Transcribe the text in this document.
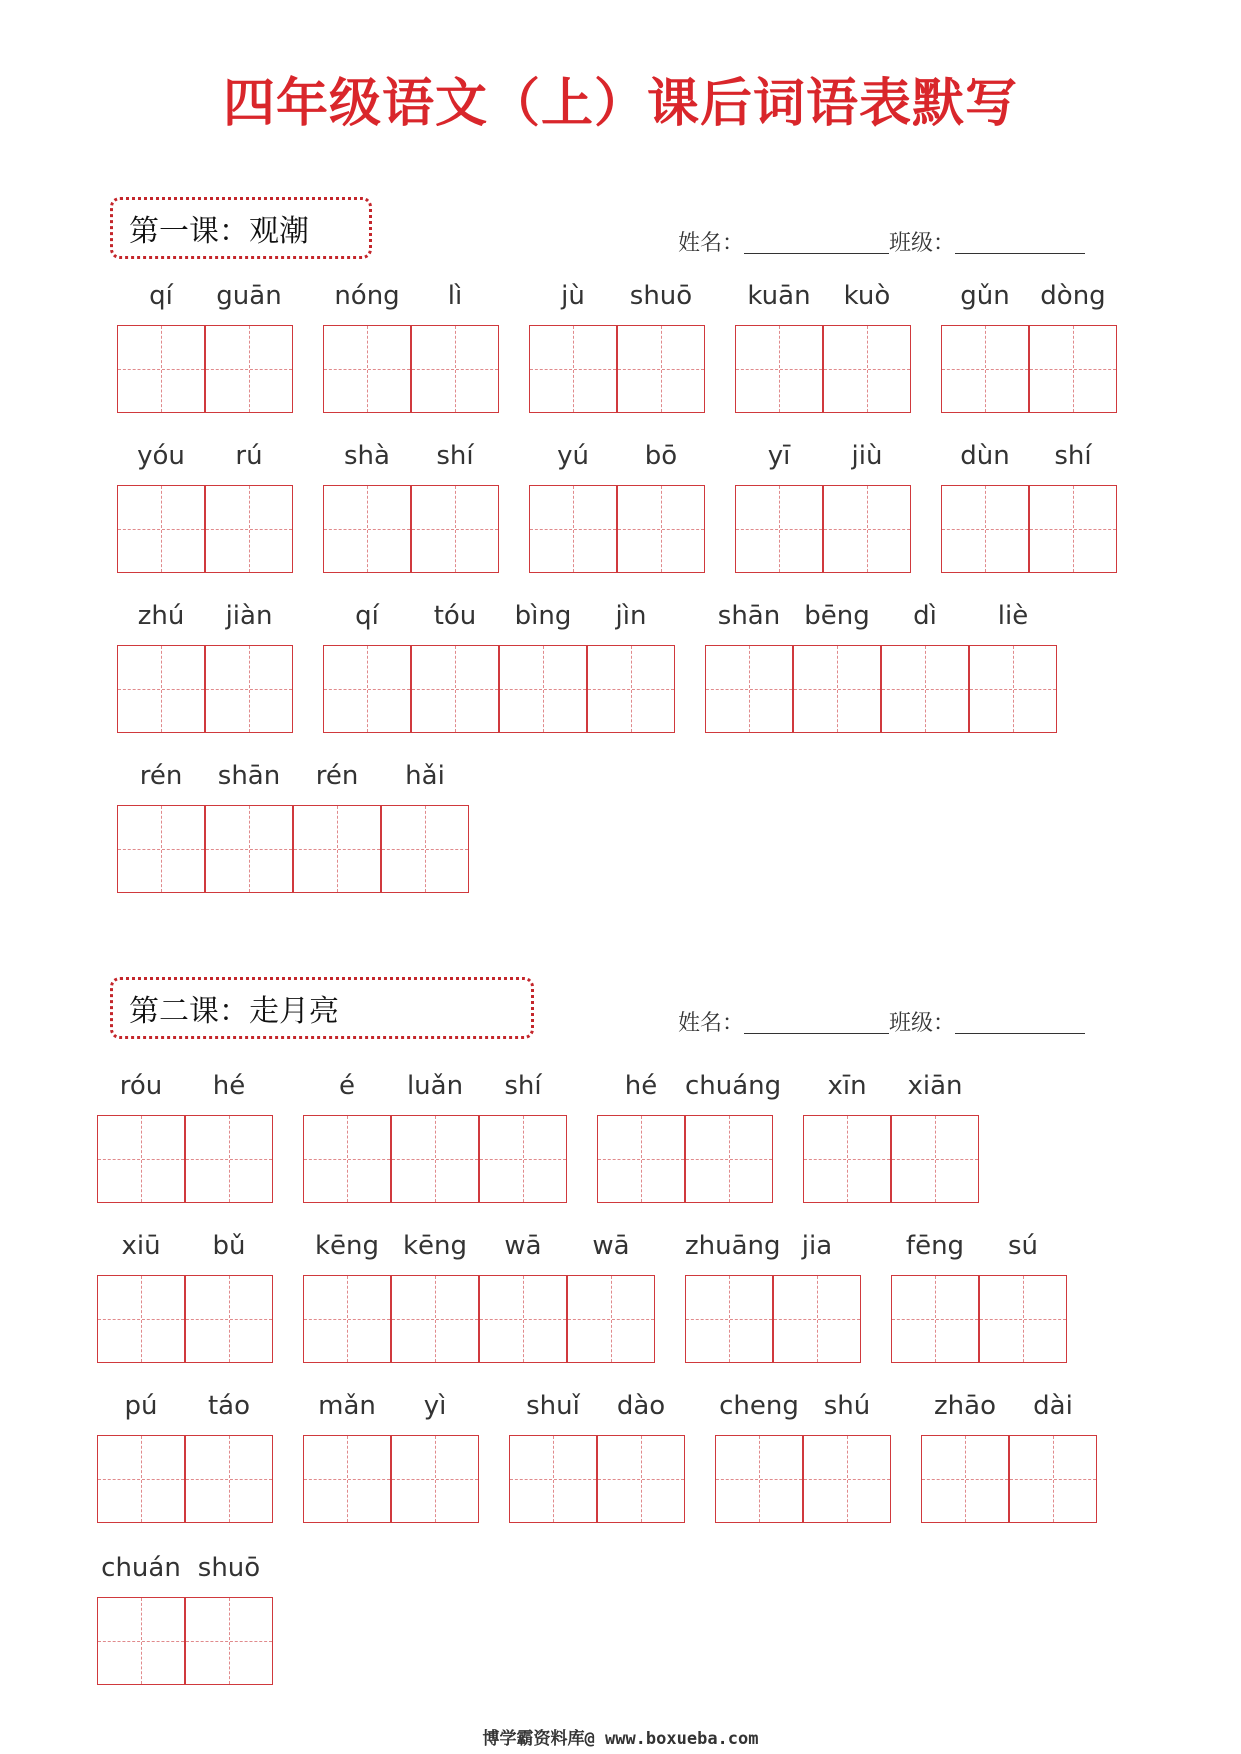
四年级语文（上）课后词语表默写
第一课：观潮	姓名：	班级：
qí	guān	nóng	lì	jù	shuō	kuān	kuò	gǔn	dòng
yóu	rú	shà	shí	yú	bō	yī	jiù	dùn	shí
zhú	jiàn	qí	tóu	bìng	jìn	shān bēng	dì	liè
rén	shān	rén	hǎi
第二课：走月亮	姓名：	班级：
róu	hé	é	luǎn	shí	hé	chuáng	xīn	xiān
xiū	bǔ	kēng kēng	wā	wā	zhuāng jia	fēng	sú
pú	táo	mǎn	yì	shuǐ	dào	cheng shú	zhāo	dài
chuán shuō
博学霸资料库@ www.boxueba.com
